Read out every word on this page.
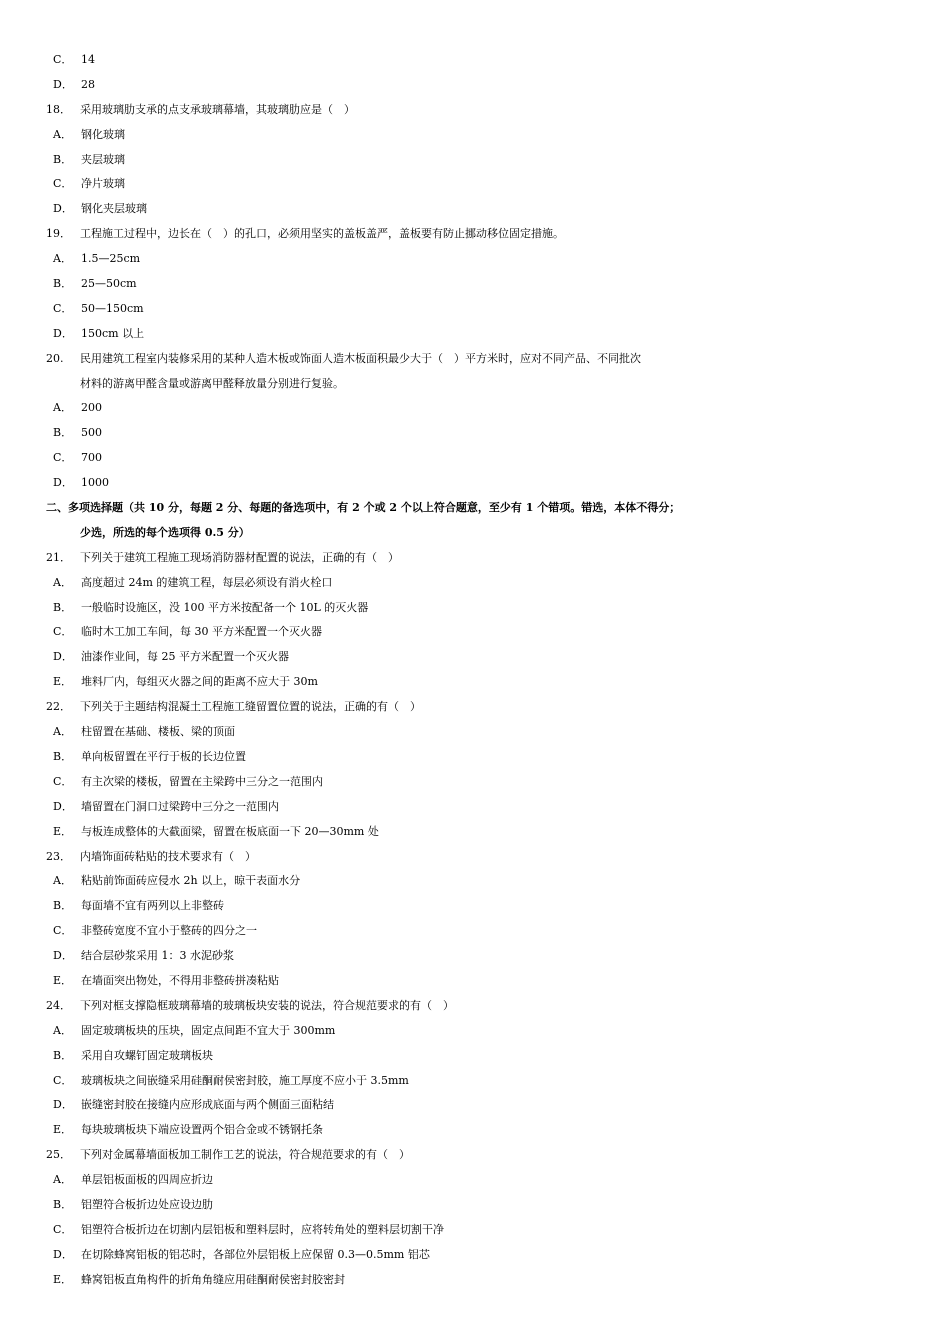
C． 14
D． 28
18． 采用玻璃肋支承的点支承玻璃幕墙，其玻璃肋应是（　）
A． 钢化玻璃
B． 夹层玻璃
C． 净片玻璃
D． 钢化夹层玻璃
19． 工程施工过程中，边长在（　）的孔口，必须用坚实的盖板盖严，盖板要有防止挪动移位固定措施。
A． 1.5—25cm
B． 25—50cm
C． 50—150cm
D． 150cm 以上
20. 民用建筑工程室内装修采用的某种人造木板或饰面人造木板面积最少大于（　）平方米时，应对不同产品、不同批次
材料的游离甲醛含量或游离甲醛释放量分别进行复验。
A． 200
B． 500
C． 700
D． 1000
二、多项选择题（共 10 分，每题 2 分、每题的备选项中，有 2 个或 2 个以上符合题意，至少有 1 个错项。错选，本体不得分；
少选，所选的每个选项得 0.5 分）
21． 下列关于建筑工程施工现场消防器材配置的说法，正确的有（　）
A． 高度超过 24m 的建筑工程，每层必须设有消火栓口
B． 一般临时设施区，没 100 平方米按配备一个 10L 的灭火器
C． 临时木工加工车间，每 30 平方米配置一个灭火器
D． 油漆作业间，每 25 平方米配置一个灭火器
E． 堆料厂内，每组灭火器之间的距离不应大于 30m
22． 下列关于主题结构混凝土工程施工缝留置位置的说法，正确的有（　）
A． 柱留置在基础、楼板、梁的顶面
B． 单向板留置在平行于板的长边位置
C． 有主次梁的楼板，留置在主梁跨中三分之一范围内
D． 墙留置在门洞口过梁跨中三分之一范围内
E． 与板连成整体的大截面梁，留置在板底面一下 20—30mm 处
23． 内墙饰面砖粘贴的技术要求有（　）
A． 粘贴前饰面砖应侵水 2h 以上，晾干表面水分
B． 每面墙不宜有两列以上非整砖
C． 非整砖宽度不宜小于整砖的四分之一
D． 结合层砂浆采用 1：3 水泥砂浆
E． 在墙面突出物处，不得用非整砖拼凑粘贴
24． 下列对框支撑隐框玻璃幕墙的玻璃板块安装的说法，符合规范要求的有（　）
A． 固定玻璃板块的压块，固定点间距不宜大于 300mm
B． 采用自攻螺钉固定玻璃板块
C． 玻璃板块之间嵌缝采用硅酮耐侯密封胶，施工厚度不应小于 3.5mm
D． 嵌缝密封胶在接缝内应形成底面与两个侧面三面粘结
E． 每块玻璃板块下端应设置两个铝合金或不锈钢托条
25． 下列对金属幕墙面板加工制作工艺的说法，符合规范要求的有（　）
A． 单层铝板面板的四周应折边
B． 铝塑符合板折边处应设边肋
C． 铝塑符合板折边在切割内层铝板和塑料层时，应将转角处的塑料层切割干净
D． 在切除蜂窝铝板的铝芯时，各部位外层铝板上应保留 0.3—0.5mm 铝芯
E． 蜂窝铝板直角构件的折角角缝应用硅酮耐侯密封胶密封
